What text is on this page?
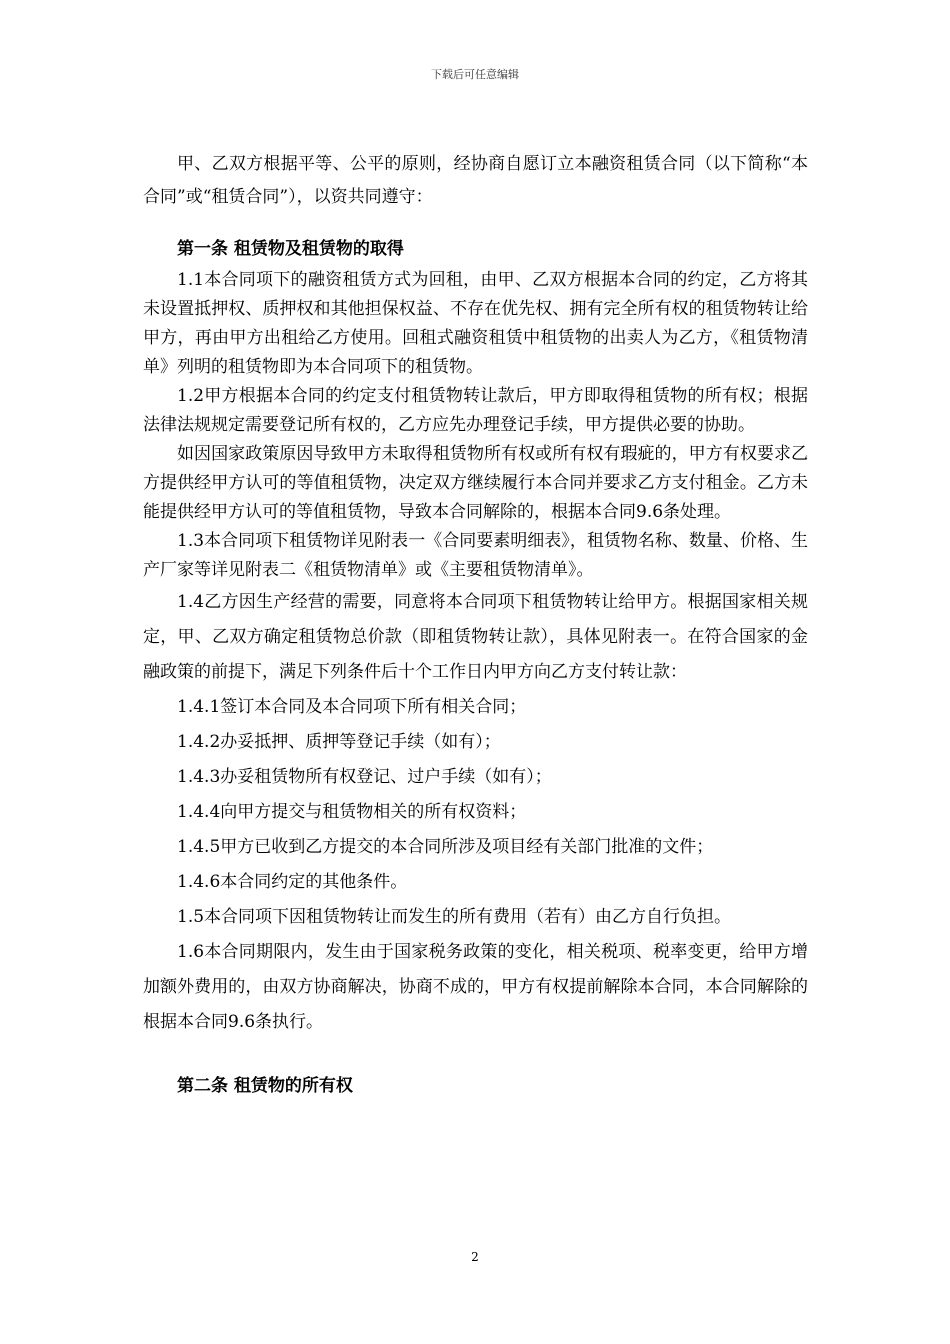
下载后可任意编辑

甲、乙双方根据平等、公平的原则，经协商自愿订立本融资租赁合同（以下简称“本合同”或“租赁合同”），以资共同遵守：

第一条 租赁物及租赁物的取得

1.1本合同项下的融资租赁方式为回租，由甲、乙双方根据本合同的约定，乙方将其未设置抵押权、质押权和其他担保权益、不存在优先权、拥有完全所有权的租赁物转让给甲方，再由甲方出租给乙方使用。回租式融资租赁中租赁物的出卖人为乙方，《租赁物清单》列明的租赁物即为本合同项下的租赁物。

1.2甲方根据本合同的约定支付租赁物转让款后，甲方即取得租赁物的所有权；根据法律法规规定需要登记所有权的，乙方应先办理登记手续，甲方提供必要的协助。

如因国家政策原因导致甲方未取得租赁物所有权或所有权有瑕疵的，甲方有权要求乙方提供经甲方认可的等值租赁物，决定双方继续履行本合同并要求乙方支付租金。乙方未能提供经甲方认可的等值租赁物，导致本合同解除的，根据本合同9.6条处理。

1.3本合同项下租赁物详见附表一《合同要素明细表》，租赁物名称、数量、价格、生产厂家等详见附表二《租赁物清单》或《主要租赁物清单》。

1.4乙方因生产经营的需要，同意将本合同项下租赁物转让给甲方。根据国家相关规定，甲、乙双方确定租赁物总价款（即租赁物转让款），具体见附表一。在符合国家的金融政策的前提下，满足下列条件后十个工作日内甲方向乙方支付转让款：

1.4.1签订本合同及本合同项下所有相关合同；

1.4.2办妥抵押、质押等登记手续（如有）；

1.4.3办妥租赁物所有权登记、过户手续（如有）；

1.4.4向甲方提交与租赁物相关的所有权资料；

1.4.5甲方已收到乙方提交的本合同所涉及项目经有关部门批准的文件；

1.4.6本合同约定的其他条件。

1.5本合同项下因租赁物转让而发生的所有费用（若有）由乙方自行负担。

1.6本合同期限内，发生由于国家税务政策的变化，相关税项、税率变更，给甲方增加额外费用的，由双方协商解决，协商不成的，甲方有权提前解除本合同，本合同解除的根据本合同9.6条执行。

第二条 租赁物的所有权
2
